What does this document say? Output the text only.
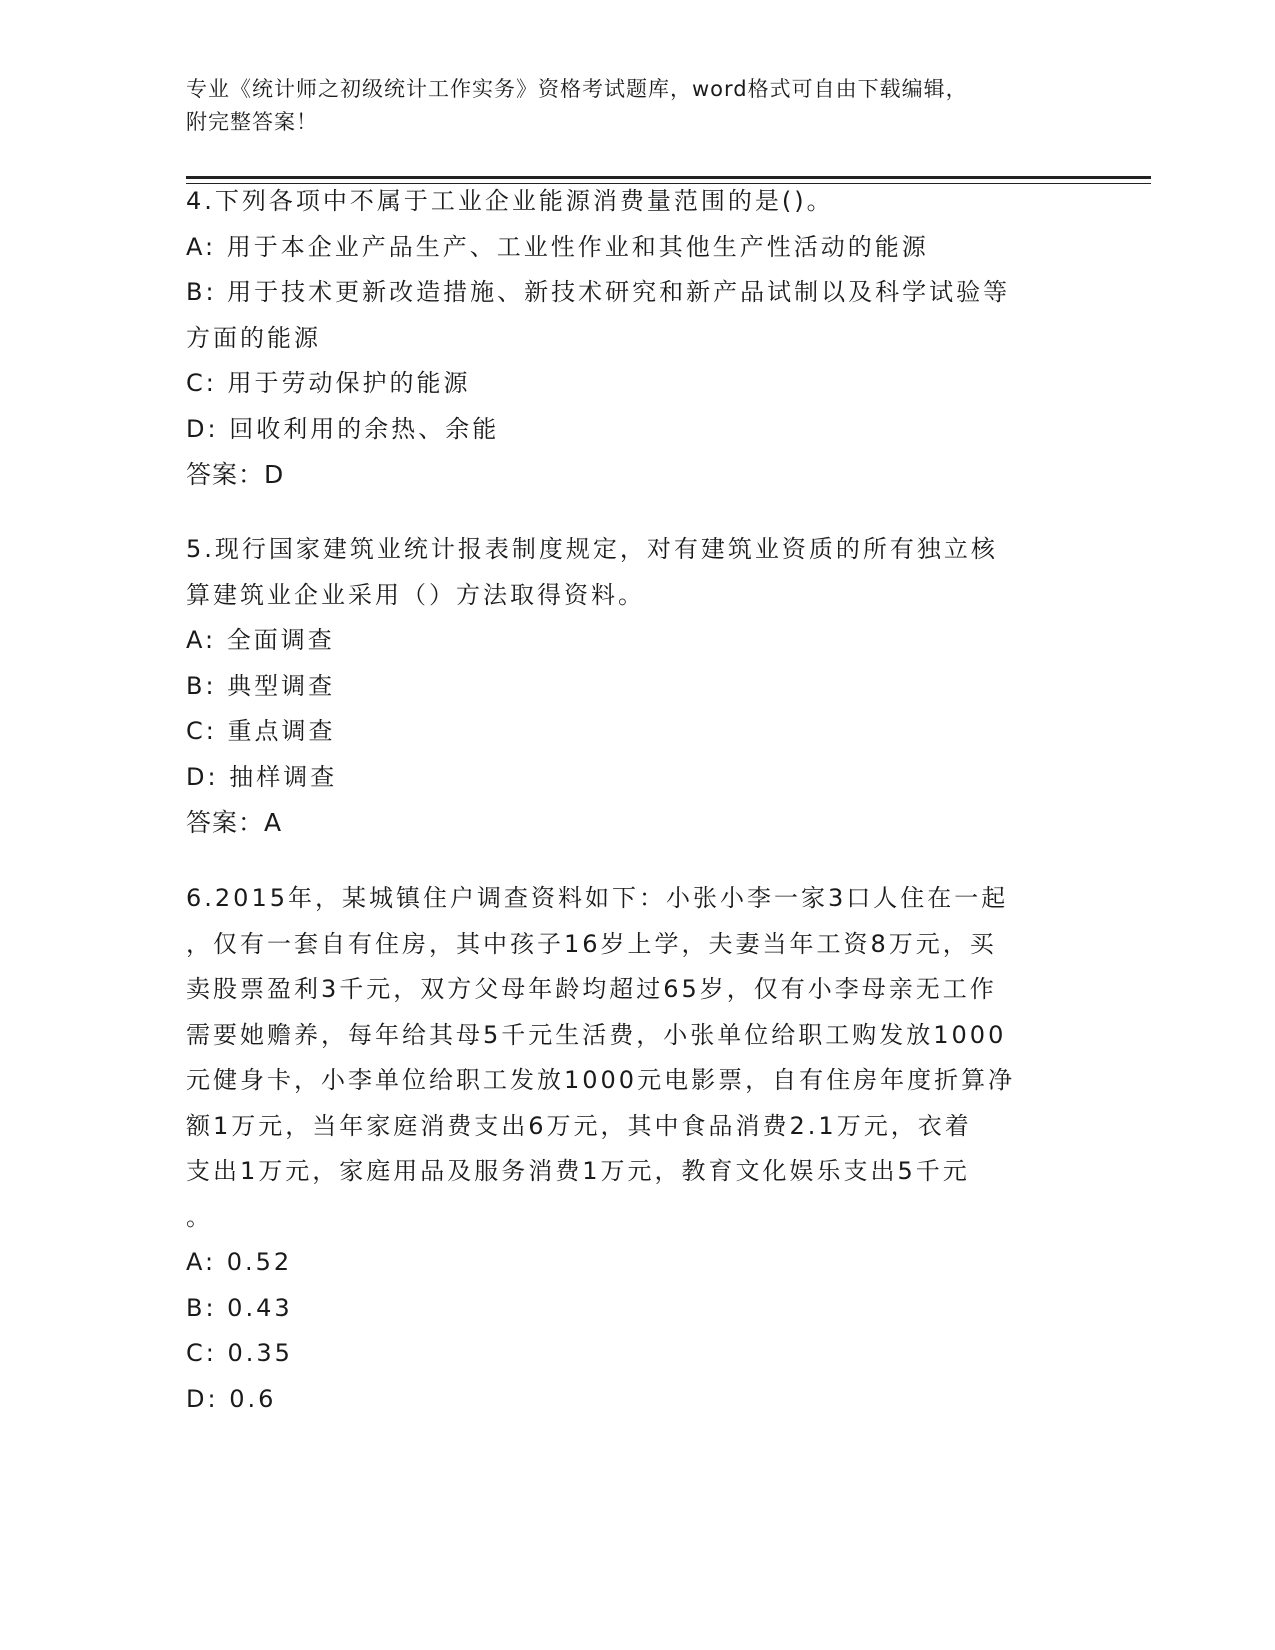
专业《统计师之初级统计工作实务》资格考试题库，word格式可自由下载编辑，
附完整答案！
4.下列各项中不属于工业企业能源消费量范围的是()。
A: 用于本企业产品生产、工业性作业和其他生产性活动的能源
B: 用于技术更新改造措施、新技术研究和新产品试制以及科学试验等
方面的能源
C: 用于劳动保护的能源
D: 回收利用的余热、余能
答案：D
5.现行国家建筑业统计报表制度规定，对有建筑业资质的所有独立核
算建筑业企业采用（）方法取得资料。
A: 全面调查
B: 典型调查
C: 重点调查
D: 抽样调查
答案：A
6.2015年，某城镇住户调查资料如下：小张小李一家3口人住在一起
，仅有一套自有住房，其中孩子16岁上学，夫妻当年工资8万元，买
卖股票盈利3千元，双方父母年龄均超过65岁，仅有小李母亲无工作
需要她赡养，每年给其母5千元生活费，小张单位给职工购发放1000
元健身卡，小李单位给职工发放1000元电影票，自有住房年度折算净
额1万元，当年家庭消费支出6万元，其中食品消费2.1万元，衣着
支出1万元，家庭用品及服务消费1万元，教育文化娱乐支出5千元
。
A: 0.52
B: 0.43
C: 0.35
D: 0.6
